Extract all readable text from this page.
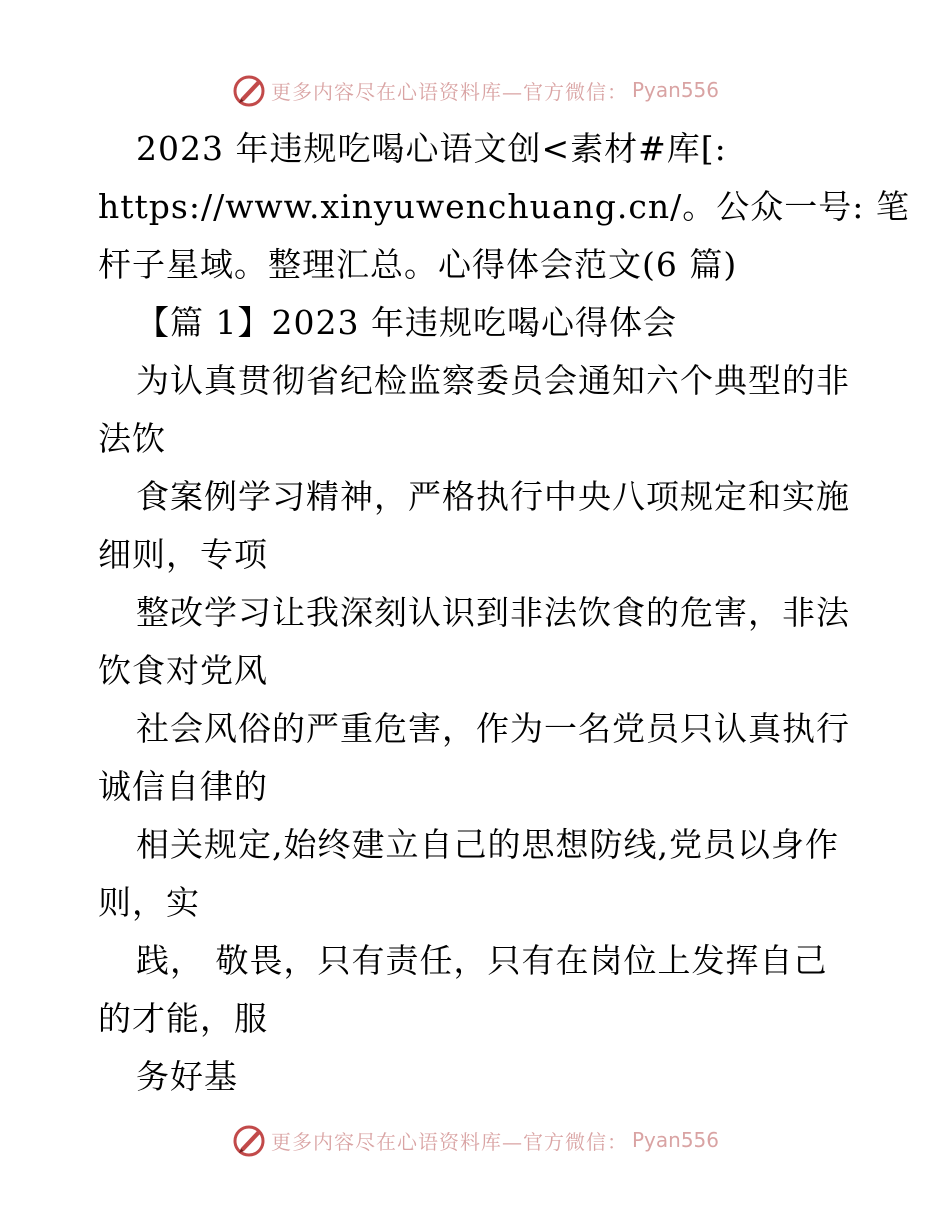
更多内容尽在心语资料库—官方微信： Pyan556
2023 年违规吃喝心语文创<素材#库[:
https://www.xinyuwenchuang.cn/。公众一号: 笔
杆子星域。整理汇总。心得体会范文(6 篇)
【篇 1】2023 年违规吃喝心得体会
为认真贯彻省纪检监察委员会通知六个典型的非
法饮
食案例学习精神，严格执行中央八项规定和实施
细则，专项
整改学习让我深刻认识到非法饮食的危害，非法
饮食对党风
社会风俗的严重危害，作为一名党员只认真执行
诚信自律的
相关规定,始终建立自己的思想防线,党员以身作
则，实
践， 敬畏，只有责任，只有在岗位上发挥自己
的才能，服
务好基
更多内容尽在心语资料库—官方微信： Pyan556
